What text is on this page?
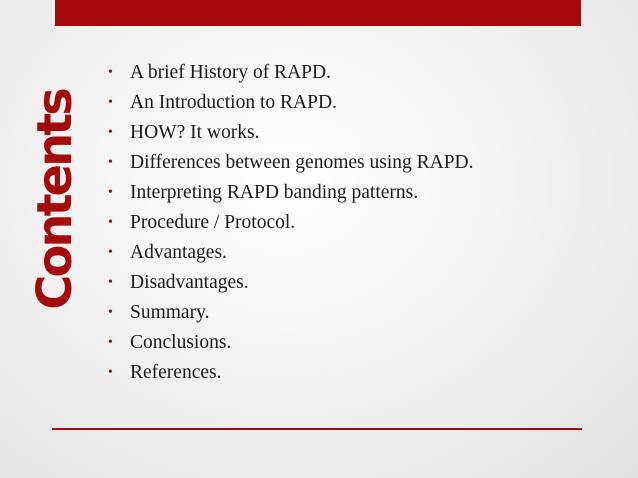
Contents
• A brief History of RAPD.
• An Introduction to RAPD.
• HOW? It works.
• Differences between genomes using RAPD.
• Interpreting RAPD banding patterns.
• Procedure / Protocol.
• Advantages.
• Disadvantages.
• Summary.
• Conclusions.
• References.
